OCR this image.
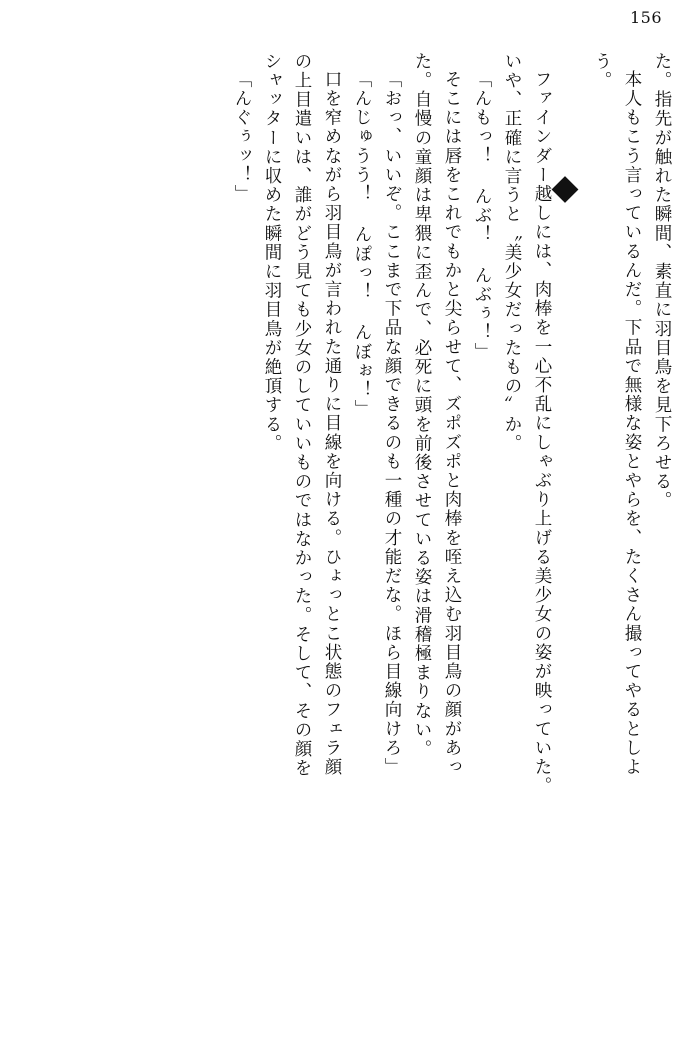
156
た。指先が触れた瞬間、素直に羽目鳥を見下ろせる。
本人もこう言っているんだ。下品で無様な姿とやらを、たくさん撮ってやるとしよ
う。
ファインダー越しには、肉棒を一心不乱にしゃぶり上げる美少女の姿が映っていた。
いや、正確に言うと〝美少女だったもの〟か。
「んもっ！ んぶ！ んぶぅ！」
そこには唇をこれでもかと尖らせて、ズポズポと肉棒を咥え込む羽目鳥の顔があっ
た。自慢の童顔は卑猥に歪んで、必死に頭を前後させている姿は滑稽極まりない。
「おっ、いいぞ。ここまで下品な顔できるのも一種の才能だな。ほら目線向けろ」
「んじゅうう！ んぽっ！ んぼぉ！」
口を窄めながら羽目鳥が言われた通りに目線を向ける。ひょっとこ状態のフェラ顔
の上目遣いは、誰がどう見ても少女のしていいものではなかった。そして、その顔を
シャッターに収めた瞬間に羽目鳥が絶頂する。
「んぐぅッ！」
